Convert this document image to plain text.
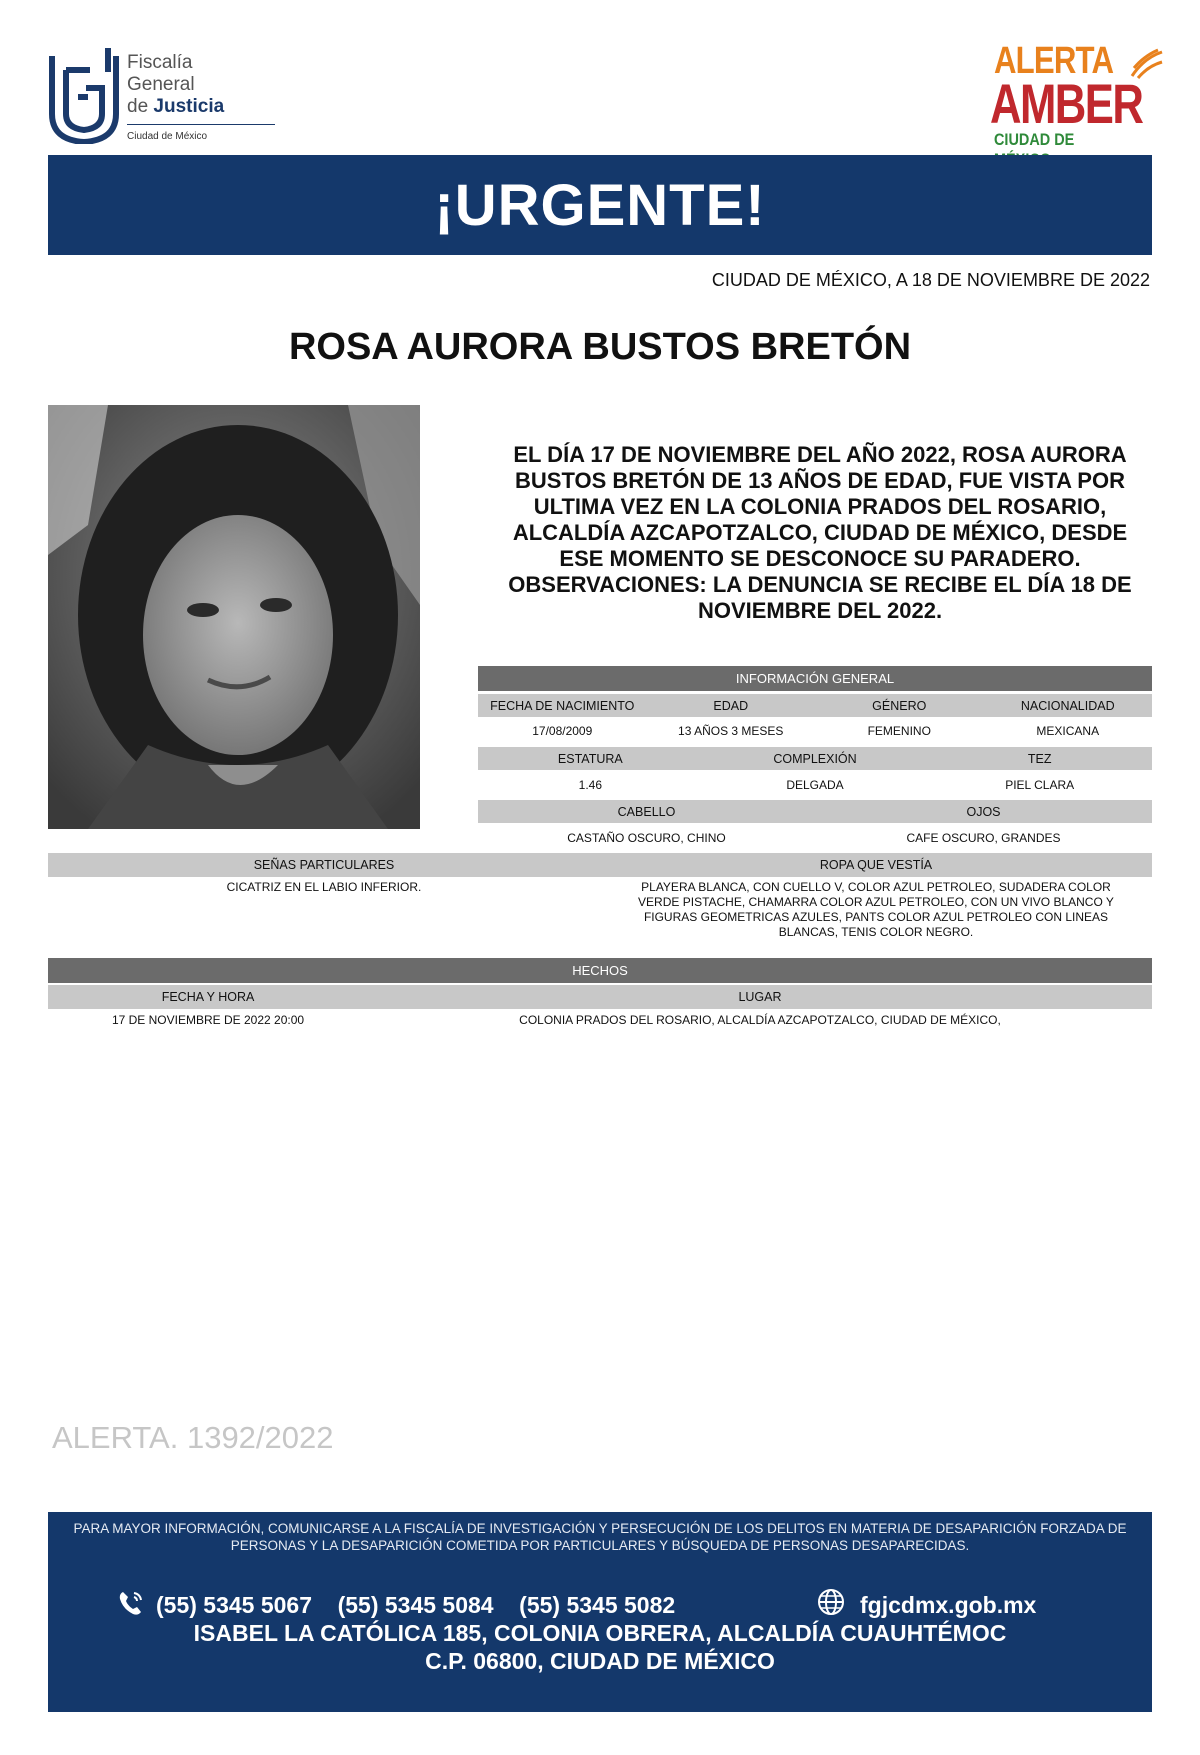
Fiscalía
General
de Justicia
Ciudad de México
ALERTA
AMBER
CIUDAD DE
¡URGENTE!
CIUDAD DE MÉXICO, A 18 DE NOVIEMBRE DE 2022
ROSA AURORA BUSTOS BRETÓN
EL DÍA 17 DE NOVIEMBRE DEL AÑO 2022, ROSA AURORA BUSTOS BRETÓN DE 13 AÑOS DE EDAD, FUE VISTA POR ULTIMA VEZ EN LA COLONIA PRADOS DEL ROSARIO, ALCALDÍA AZCAPOTZALCO, CIUDAD DE MÉXICO, DESDE ESE MOMENTO SE DESCONOCE SU PARADERO. OBSERVACIONES: LA DENUNCIA SE RECIBE EL DÍA 18 DE NOVIEMBRE DEL 2022.
INFORMACIÓN GENERAL
FECHA DE NACIMIENTO	EDAD	GÉNERO	NACIONALIDAD
17/08/2009	13 AÑOS 3 MESES	FEMENINO	MEXICANA
ESTATURA	COMPLEXIÓN	TEZ
1.46	DELGADA	PIEL CLARA
CABELLO	OJOS
CASTAÑO OSCURO, CHINO	CAFE OSCURO, GRANDES
SEÑAS PARTICULARES	ROPA QUE VESTÍA
CICATRIZ EN EL LABIO INFERIOR.	PLAYERA BLANCA, CON CUELLO V, COLOR AZUL PETROLEO, SUDADERA COLOR VERDE PISTACHE, CHAMARRA COLOR AZUL PETROLEO, CON UN VIVO BLANCO Y FIGURAS GEOMETRICAS AZULES, PANTS COLOR AZUL PETROLEO CON LINEAS BLANCAS, TENIS COLOR NEGRO.
HECHOS
FECHA Y HORA	LUGAR
17 DE NOVIEMBRE DE 2022 20:00	COLONIA PRADOS DEL ROSARIO, ALCALDÍA AZCAPOTZALCO, CIUDAD DE MÉXICO,
ALERTA. 1392/2022
PARA MAYOR INFORMACIÓN, COMUNICARSE A LA FISCALÍA DE INVESTIGACIÓN Y PERSECUCIÓN DE LOS DELITOS EN MATERIA DE DESAPARICIÓN FORZADA DE PERSONAS Y LA DESAPARICIÓN COMETIDA POR PARTICULARES Y BÚSQUEDA DE PERSONAS DESAPARECIDAS.
(55) 5345 5067 (55) 5345 5084 (55) 5345 5082	fgjcdmx.gob.mx
ISABEL LA CATÓLICA 185, COLONIA OBRERA, ALCALDÍA CUAUHTÉMOC
C.P. 06800, CIUDAD DE MÉXICO
